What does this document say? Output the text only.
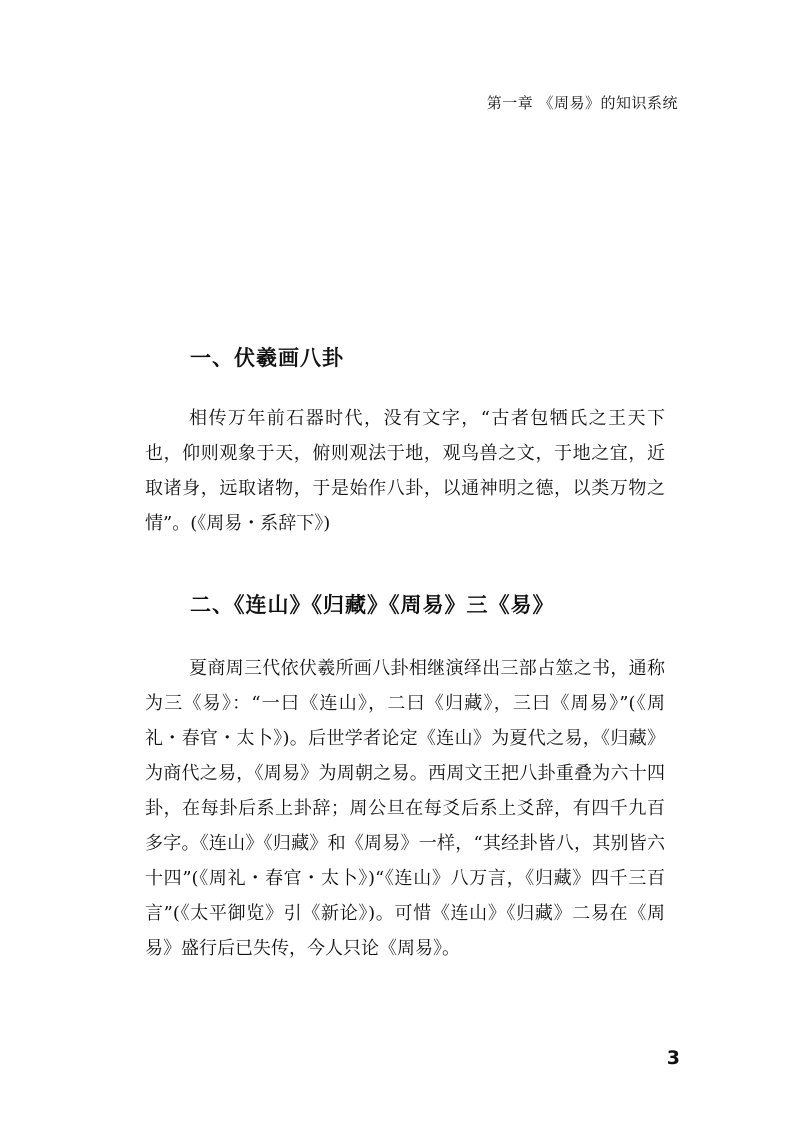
第一章 《周易》的知识系统
一、伏羲画八卦

相传万年前石器时代，没有文字，“古者包牺氏之王天下也，仰则观象于天，俯则观法于地，观鸟兽之文，于地之宜，近取诸身，远取诸物，于是始作八卦，以通神明之德，以类万物之情”。(《周易・系辞下》)

二、《连山》《归藏》《周易》三《易》

夏商周三代依伏羲所画八卦相继演绎出三部占筮之书，通称为三《易》：“一曰《连山》，二曰《归藏》，三曰《周易》”(《周礼・春官・太卜》)。后世学者论定《连山》为夏代之易，《归藏》为商代之易，《周易》为周朝之易。西周文王把八卦重叠为六十四卦，在每卦后系上卦辞；周公旦在每爻后系上爻辞，有四千九百多字。《连山》《归藏》和《周易》一样，“其经卦皆八，其别皆六十四”(《周礼・春官・太卜》)“《连山》八万言，《归藏》四千三百言”(《太平御览》引《新论》)。可惜《连山》《归藏》二易在《周易》盛行后已失传，今人只论《周易》。

3
